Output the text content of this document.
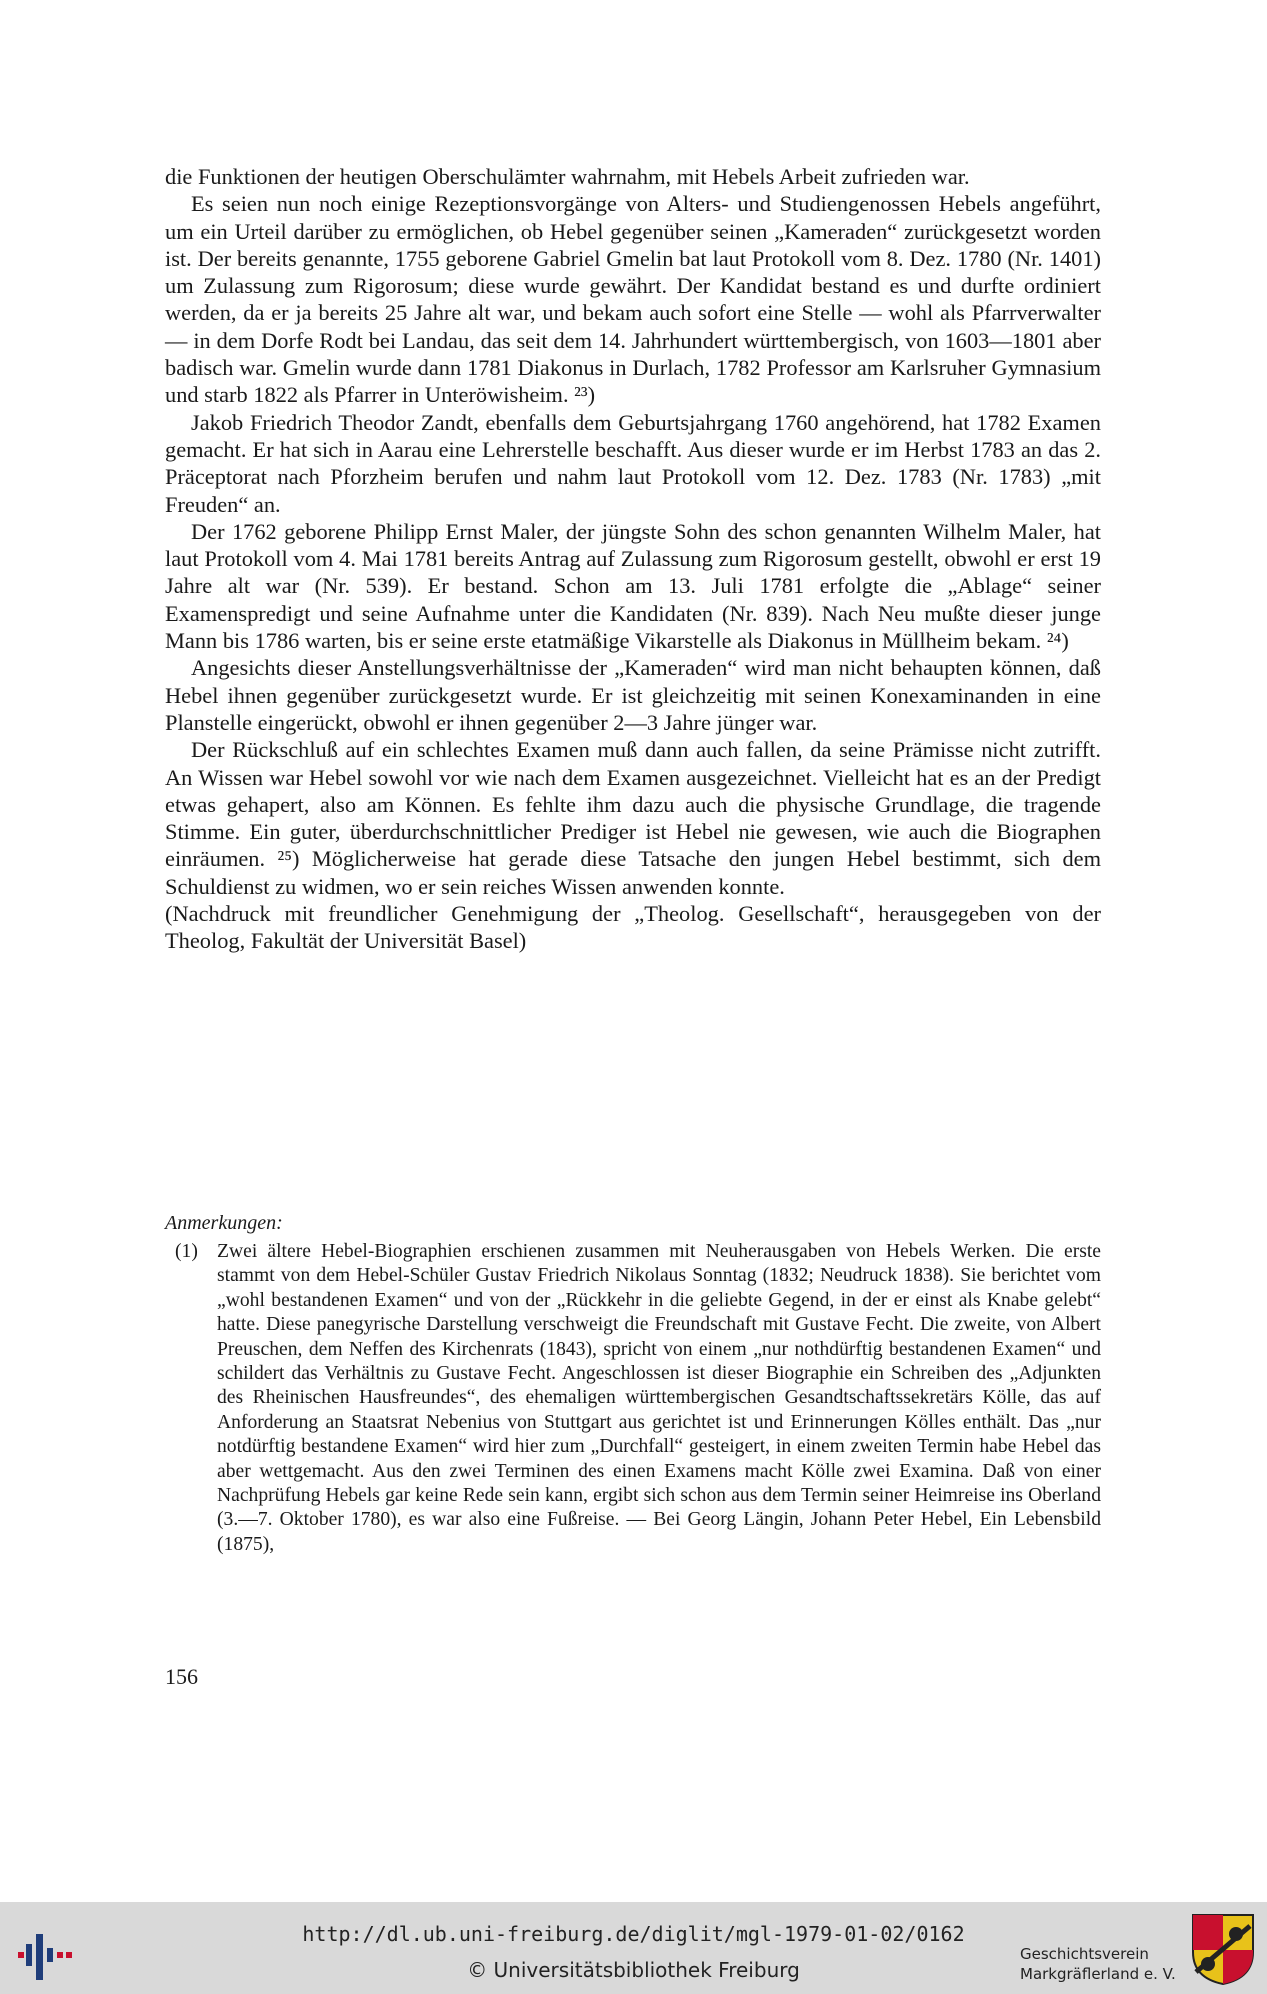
die Funktionen der heutigen Oberschulämter wahrnahm, mit Hebels Arbeit zufrieden war.

Es seien nun noch einige Rezeptionsvorgänge von Alters- und Studiengenossen Hebels angeführt, um ein Urteil darüber zu ermöglichen, ob Hebel gegenüber seinen „Kameraden“ zurückgesetzt worden ist. Der bereits genannte, 1755 geborene Gabriel Gmelin bat laut Protokoll vom 8. Dez. 1780 (Nr. 1401) um Zulassung zum Rigorosum; diese wurde gewährt. Der Kandidat bestand es und durfte ordiniert werden, da er ja bereits 25 Jahre alt war, und bekam auch sofort eine Stelle — wohl als Pfarrverwalter — in dem Dorfe Rodt bei Landau, das seit dem 14. Jahrhundert württembergisch, von 1603—1801 aber badisch war. Gmelin wurde dann 1781 Diakonus in Durlach, 1782 Professor am Karlsruher Gymnasium und starb 1822 als Pfarrer in Unteröwisheim. ²³)

Jakob Friedrich Theodor Zandt, ebenfalls dem Geburtsjahrgang 1760 angehörend, hat 1782 Examen gemacht. Er hat sich in Aarau eine Lehrerstelle beschafft. Aus dieser wurde er im Herbst 1783 an das 2. Präceptorat nach Pforzheim berufen und nahm laut Protokoll vom 12. Dez. 1783 (Nr. 1783) „mit Freuden“ an.

Der 1762 geborene Philipp Ernst Maler, der jüngste Sohn des schon genannten Wilhelm Maler, hat laut Protokoll vom 4. Mai 1781 bereits Antrag auf Zulassung zum Rigorosum gestellt, obwohl er erst 19 Jahre alt war (Nr. 539). Er bestand. Schon am 13. Juli 1781 erfolgte die „Ablage“ seiner Examenspredigt und seine Aufnahme unter die Kandidaten (Nr. 839). Nach Neu mußte dieser junge Mann bis 1786 warten, bis er seine erste etatmäßige Vikarstelle als Diakonus in Müllheim bekam. ²⁴)

Angesichts dieser Anstellungsverhältnisse der „Kameraden“ wird man nicht behaupten können, daß Hebel ihnen gegenüber zurückgesetzt wurde. Er ist gleichzeitig mit seinen Konexaminanden in eine Planstelle eingerückt, obwohl er ihnen gegenüber 2—3 Jahre jünger war.

Der Rückschluß auf ein schlechtes Examen muß dann auch fallen, da seine Prämisse nicht zutrifft. An Wissen war Hebel sowohl vor wie nach dem Examen ausgezeichnet. Vielleicht hat es an der Predigt etwas gehapert, also am Können. Es fehlte ihm dazu auch die physische Grundlage, die tragende Stimme. Ein guter, überdurchschnittlicher Prediger ist Hebel nie gewesen, wie auch die Biographen einräumen. ²⁵) Möglicherweise hat gerade diese Tatsache den jungen Hebel bestimmt, sich dem Schuldienst zu widmen, wo er sein reiches Wissen anwenden konnte.

(Nachdruck mit freundlicher Genehmigung der „Theolog. Gesellschaft“, herausgegeben von der Theolog, Fakultät der Universität Basel)

Anmerkungen:
(1) Zwei ältere Hebel-Biographien erschienen zusammen mit Neuherausgaben von Hebels Werken. Die erste stammt von dem Hebel-Schüler Gustav Friedrich Nikolaus Sonntag (1832; Neudruck 1838). Sie berichtet vom „wohl bestandenen Examen“ und von der „Rückkehr in die geliebte Gegend, in der er einst als Knabe gelebt“ hatte. Diese panegyrische Darstellung verschweigt die Freundschaft mit Gustave Fecht. Die zweite, von Albert Preuschen, dem Neffen des Kirchenrats (1843), spricht von einem „nur nothdürftig bestandenen Examen“ und schildert das Verhältnis zu Gustave Fecht. Angeschlossen ist dieser Biographie ein Schreiben des „Adjunkten des Rheinischen Hausfreundes“, des ehemaligen württembergischen Gesandtschaftssekretärs Kölle, das auf Anforderung an Staatsrat Nebenius von Stuttgart aus gerichtet ist und Erinnerungen Kölles enthält. Das „nur notdürftig bestandene Examen“ wird hier zum „Durchfall“ gesteigert, in einem zweiten Termin habe Hebel das aber wettgemacht. Aus den zwei Terminen des einen Examens macht Kölle zwei Examina. Daß von einer Nachprüfung Hebels gar keine Rede sein kann, ergibt sich schon aus dem Termin seiner Heimreise ins Oberland (3.—7. Oktober 1780), es war also eine Fußreise. — Bei Georg Längin, Johann Peter Hebel, Ein Lebensbild (1875),
156
http://dl.ub.uni-freiburg.de/diglit/mgl-1979-01-02/0162
© Universitätsbibliothek Freiburg
Geschichtsverein
Markgräflerland e. V.
